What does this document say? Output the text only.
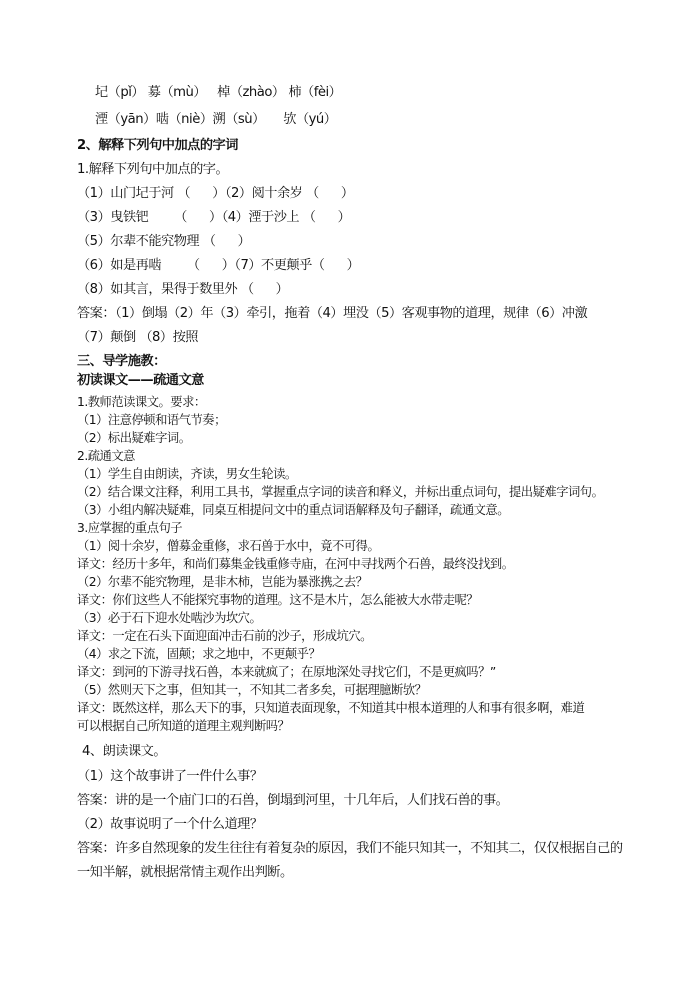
圮（pǐ） 募（mù）   棹（zhào） 柿（fèi）
湮（yān）啮（niè）溯（sù）     欤（yú）
2、解释下列句中加点的字词
1.解释下列句中加点的字。
（1）山门圮于河 （      ）（2）阅十余岁 （      ）
（3）曳铁钯       （      ）（4）湮于沙上 （      ）
（5）尔辈不能究物理 （      ）
（6）如是再啮       （      ）（7）不更颠乎（      ）
（8）如其言，果得于数里外 （      ）
答案：（1）倒塌（2）年（3）牵引，拖着（4）埋没（5）客观事物的道理，规律（6）冲激
（7）颠倒 （8）按照
三、导学施教：
初读课文——疏通文意
1.教师范读课文。要求：
（1）注意停顿和语气节奏；
（2）标出疑难字词。
2.疏通文意
（1）学生自由朗读，齐读，男女生轮读。
（2）结合课文注释，利用工具书，掌握重点字词的读音和释义，并标出重点词句，提出疑难字词句。
（3）小组内解决疑难，同桌互相提问文中的重点词语解释及句子翻译，疏通文意。
3.应掌握的重点句子
（1）阅十余岁，僧募金重修，求石兽于水中，竟不可得。
译文：经历十多年，和尚们募集金钱重修寺庙，在河中寻找两个石兽，最终没找到。
（2）尔辈不能究物理，是非木柿，岂能为暴涨携之去？
译文：你们这些人不能探究事物的道理。这不是木片，怎么能被大水带走呢？
（3）必于石下迎水处啮沙为坎穴。
译文：一定在石头下面迎面冲击石前的沙子，形成坑穴。
（4）求之下流，固颠；求之地中，不更颠乎？
译文：到河的下游寻找石兽，本来就疯了；在原地深处寻找它们，不是更疯吗？”
（5）然则天下之事，但知其一，不知其二者多矣，可据理臆断欤？
译文：既然这样，那么天下的事，只知道表面现象，不知道其中根本道理的人和事有很多啊，难道
可以根据自己所知道的道理主观判断吗？
4、朗读课文。
（1）这个故事讲了一件什么事？
答案：讲的是一个庙门口的石兽，倒塌到河里，十几年后，人们找石兽的事。
（2）故事说明了一个什么道理？
答案：许多自然现象的发生往往有着复杂的原因，我们不能只知其一，不知其二，仅仅根据自己的
一知半解，就根据常情主观作出判断。
